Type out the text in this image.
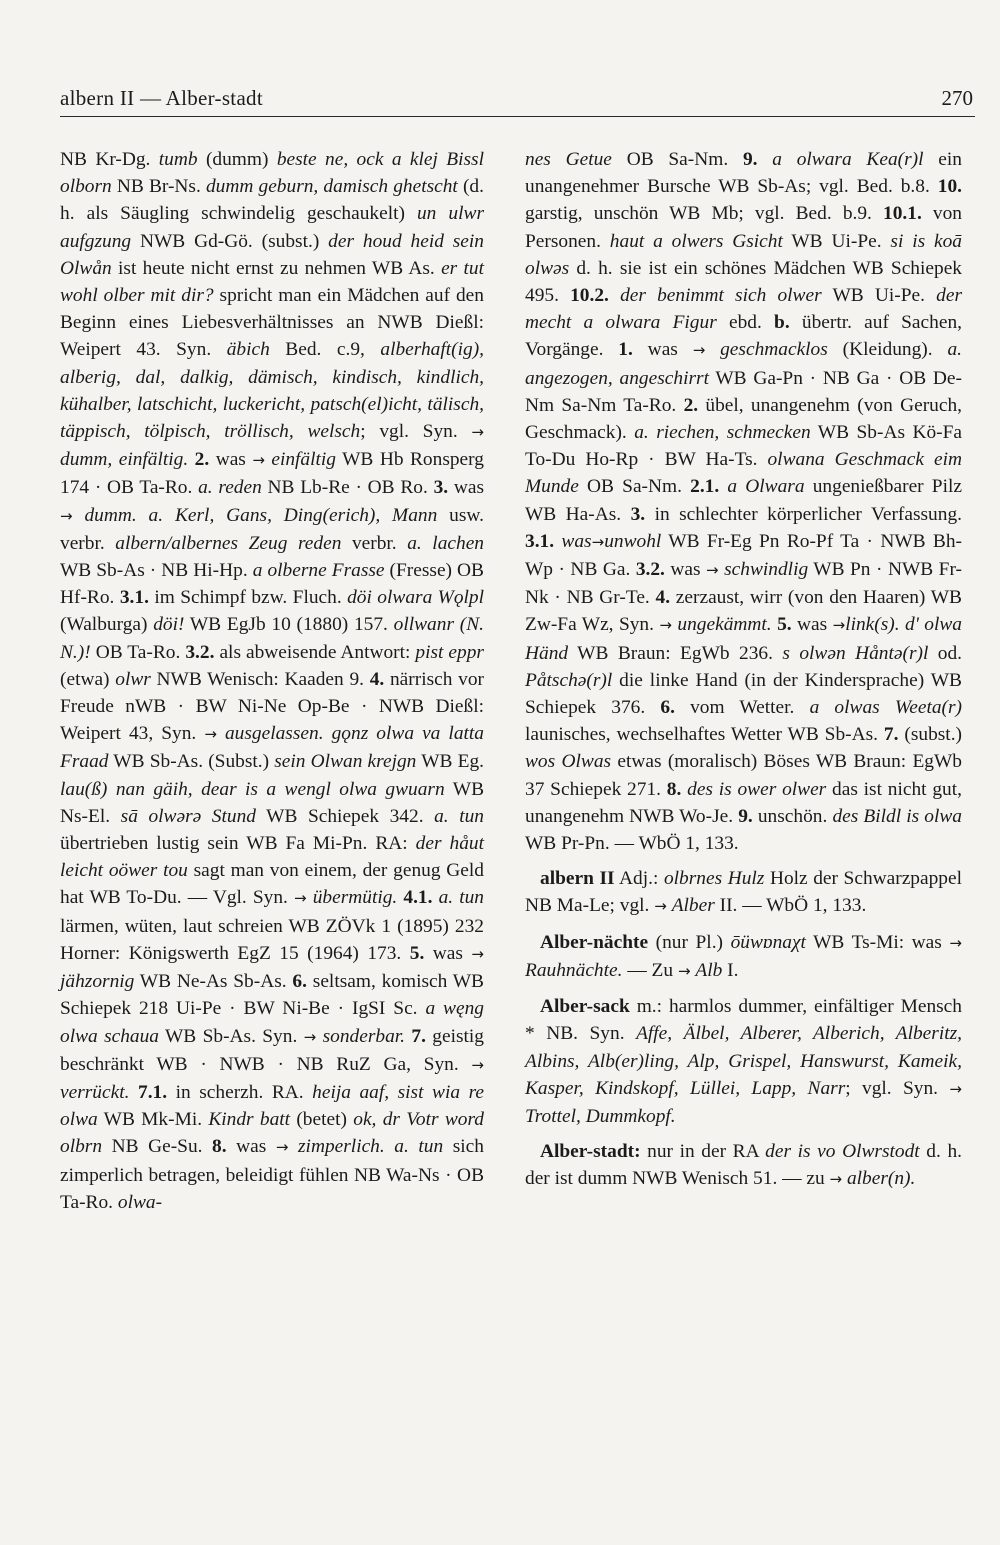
albern II — Alber-stadt	270

NB Kr-Dg. tumb (dumm) beste ne, ock a klej Bissl olborn NB Br-Ns. dumm geburn, damisch ghetscht (d. h. als Säugling schwindelig geschaukelt) un ulwr aufgzung NWB Gd-Gö. (subst.) der houd heid sein Olwån ist heute nicht ernst zu nehmen WB As. er tut wohl olber mit dir? spricht man ein Mädchen auf den Beginn eines Liebesverhältnisses an NWB Dießl: Weipert 43. Syn. äbich Bed. c.9, alberhaft(ig), alberig, dal, dalkig, dämisch, kindisch, kindlich, kühalber, latschicht, luckericht, patsch(el)icht, tälisch, täppisch, tölpisch, tröllisch, welsch; vgl. Syn. → dumm, einfältig. 2. was → einfältig WB Hb Ronsperg 174 · OB Ta-Ro. a. reden NB Lb-Re · OB Ro. 3. was → dumm. a. Kerl, Gans, Ding(erich), Mann usw. verbr. albern/albernes Zeug reden verbr. a. lachen WB Sb-As · NB Hi-Hp. a olberne Frasse (Fresse) OB Hf-Ro. 3.1. im Schimpf bzw. Fluch. döi olwara Wǫlpl (Walburga) döi! WB EgJb 10 (1880) 157. ollwanr (N. N.)! OB Ta-Ro. 3.2. als abweisende Antwort: pist eppr (etwa) olwr NWB Wenisch: Kaaden 9. 4. närrisch vor Freude nWB · BW Ni-Ne Op-Be · NWB Dießl: Weipert 43, Syn. → ausgelassen. gǫnz olwa va latta Fraad WB Sb-As. (Subst.) sein Olwan krejgn WB Eg. lau(ß) nan gäih, dear is a wengl olwa gwuarn WB Ns-El. sā olwərə Stund WB Schiepek 342. a. tun übertrieben lustig sein WB Fa Mi-Pn. RA: der håut leicht oöwer tou sagt man von einem, der genug Geld hat WB To-Du. — Vgl. Syn. → übermütig. 4.1. a. tun lärmen, wüten, laut schreien WB ZÖVk 1 (1895) 232 Horner: Königswerth EgZ 15 (1964) 173. 5. was → jähzornig WB Ne-As Sb-As. 6. seltsam, komisch WB Schiepek 218 Ui-Pe · BW Ni-Be · IgSI Sc. a węng olwa schaua WB Sb-As. Syn. → sonderbar. 7. geistig beschränkt WB · NWB · NB RuZ Ga, Syn. → verrückt. 7.1. in scherzh. RA. heija aaf, sist wia re olwa WB Mk-Mi. Kindr batt (betet) ok, dr Votr word olbrn NB Ge-Su. 8. was → zimperlich. a. tun sich zimperlich betragen, beleidigt fühlen NB Wa-Ns · OB Ta-Ro. olwa-

nes Getue OB Sa-Nm. 9. a olwara Kea(r)l ein unangenehmer Bursche WB Sb-As; vgl. Bed. b.8. 10. garstig, unschön WB Mb; vgl. Bed. b.9. 10.1. von Personen. haut a olwers Gsicht WB Ui-Pe. si is koā olwəs d. h. sie ist ein schönes Mädchen WB Schiepek 495. 10.2. der benimmt sich olwer WB Ui-Pe. der mecht a olwara Figur ebd. b. übertr. auf Sachen, Vorgänge. 1. was → geschmacklos (Kleidung). a. angezogen, angeschirrt WB Ga-Pn · NB Ga · OB De-Nm Sa-Nm Ta-Ro. 2. übel, unangenehm (von Geruch, Geschmack). a. riechen, schmecken WB Sb-As Kö-Fa To-Du Ho-Rp · BW Ha-Ts. olwana Geschmack eim Munde OB Sa-Nm. 2.1. a Olwara ungenießbarer Pilz WB Ha-As. 3. in schlechter körperlicher Verfassung. 3.1. was→unwohl WB Fr-Eg Pn Ro-Pf Ta · NWB Bh-Wp · NB Ga. 3.2. was → schwindlig WB Pn · NWB Fr-Nk · NB Gr-Te. 4. zerzaust, wirr (von den Haaren) WB Zw-Fa Wz, Syn. → ungekämmt. 5. was →link(s). d' olwa Händ WB Braun: EgWb 236. s olwən Håntə(r)l od. Påtschə(r)l die linke Hand (in der Kindersprache) WB Schiepek 376. 6. vom Wetter. a olwas Weeta(r) launisches, wechselhaftes Wetter WB Sb-As. 7. (subst.) wos Olwas etwas (moralisch) Böses WB Braun: EgWb 37 Schiepek 271. 8. des is ower olwer das ist nicht gut, unangenehm NWB Wo-Je. 9. unschön. des Bildl is olwa WB Pr-Pn. — WbÖ 1, 133.

albern II Adj.: olbrnes Hulz Holz der Schwarzpappel NB Ma-Le; vgl. → Alber II. — WbÖ 1, 133.

Alber-nächte (nur Pl.) ōüwɒnaχt WB Ts-Mi: was → Rauhnächte. — Zu → Alb I.

Alber-sack m.: harmlos dummer, einfältiger Mensch * NB. Syn. Affe, Älbel, Alberer, Alberich, Alberitz, Albins, Alb(er)ling, Alp, Grispel, Hanswurst, Kameik, Kasper, Kindskopf, Lüllei, Lapp, Narr; vgl. Syn. → Trottel, Dummkopf.

Alber-stadt: nur in der RA der is vo Olwrstodt d. h. der ist dumm NWB Wenisch 51. — zu → alber(n).
